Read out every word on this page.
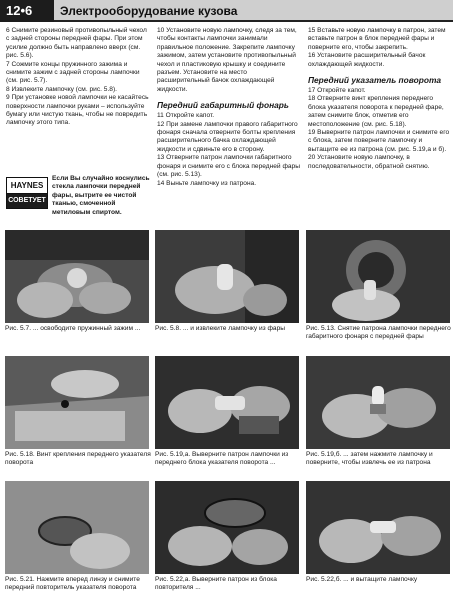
12•6	Электрооборудование кузова

6 Снимите резиновый противопыльный чехол с задней стороны передней фары. При этом усилие должно быть направлено вверх (см. рис. 5.6).

7 Сожмите концы пружинного зажима и снимите зажим с задней стороны лампочки (см. рис. 5.7).

8 Извлеките лампочку (см. рис. 5.8).

9 При установке новой лампочки не касайтесь поверхности лампочки руками – используйте бумагу или чистую ткань, чтобы не повредить лампочку этого типа.

HAYNES
СОВЕТУЕТ
Если Вы случайно коснулись стекла лампочки передней фары, вытрите ее чистой тканью, смоченной метиловым спиртом.

10 Установите новую лампочку, следя за тем, чтобы контакты лампочки занимали правильное положение. Закрепите лампочку зажимом, затем установите противопыльный чехол и пластиковую крышку и соедините разъем. Установите на место расширительный бачок охлаждающей жидкости.

Передний габаритный фонарь

11 Откройте капот.

12 При замене лампочки правого габаритного фонаря сначала отверните болты крепления расширительного бачка охлаждающей жидкости и сдвиньте его в сторону.

13 Отверните патрон лампочки габаритного фонаря и снимите его с блока передней фары (см. рис. 5.13).

14 Выньте лампочку из патрона.

15 Вставьте новую лампочку в патрон, затем вставьте патрон в блок передней фары и поверните его, чтобы закрепить.

16 Установите расширительный бачок охлаждающей жидкости.

Передний указатель поворота

17 Откройте капот.

18 Отверните винт крепления переднего блока указателя поворота к передней фаре, затем снимите блок, отметив его местоположение (см. рис. 5.18).

19 Выверните патрон лампочки и снимите его с блока, затем поверните лампочку и вытащите ее из патрона (см. рис. 5.19,а и б).

20 Установите новую лампочку, в последовательности, обратной снятию.

Рис. 5.7. ... освободите пружинный зажим ...	Рис. 5.8. ... и извлеките лампочку из фары	Рис. 5.13. Снятие патрона лампочки переднего габаритного фонаря с передней фары
Рис. 5.18. Винт крепления переднего указателя поворота
Рис. 5.19,а. Выверните патрон лампочки из переднего блока указателя поворота ...
Рис. 5.19,б. ... затем нажмите лампочку и поверните, чтобы извлечь ее из патрона
Рис. 5.21. Нажмите вперед линзу и снимите передний повторитель указателя поворота
Рис. 5.22,а. Выверните патрон из блока повторителя ...
Рис. 5.22,б. ... и вытащите лампочку
